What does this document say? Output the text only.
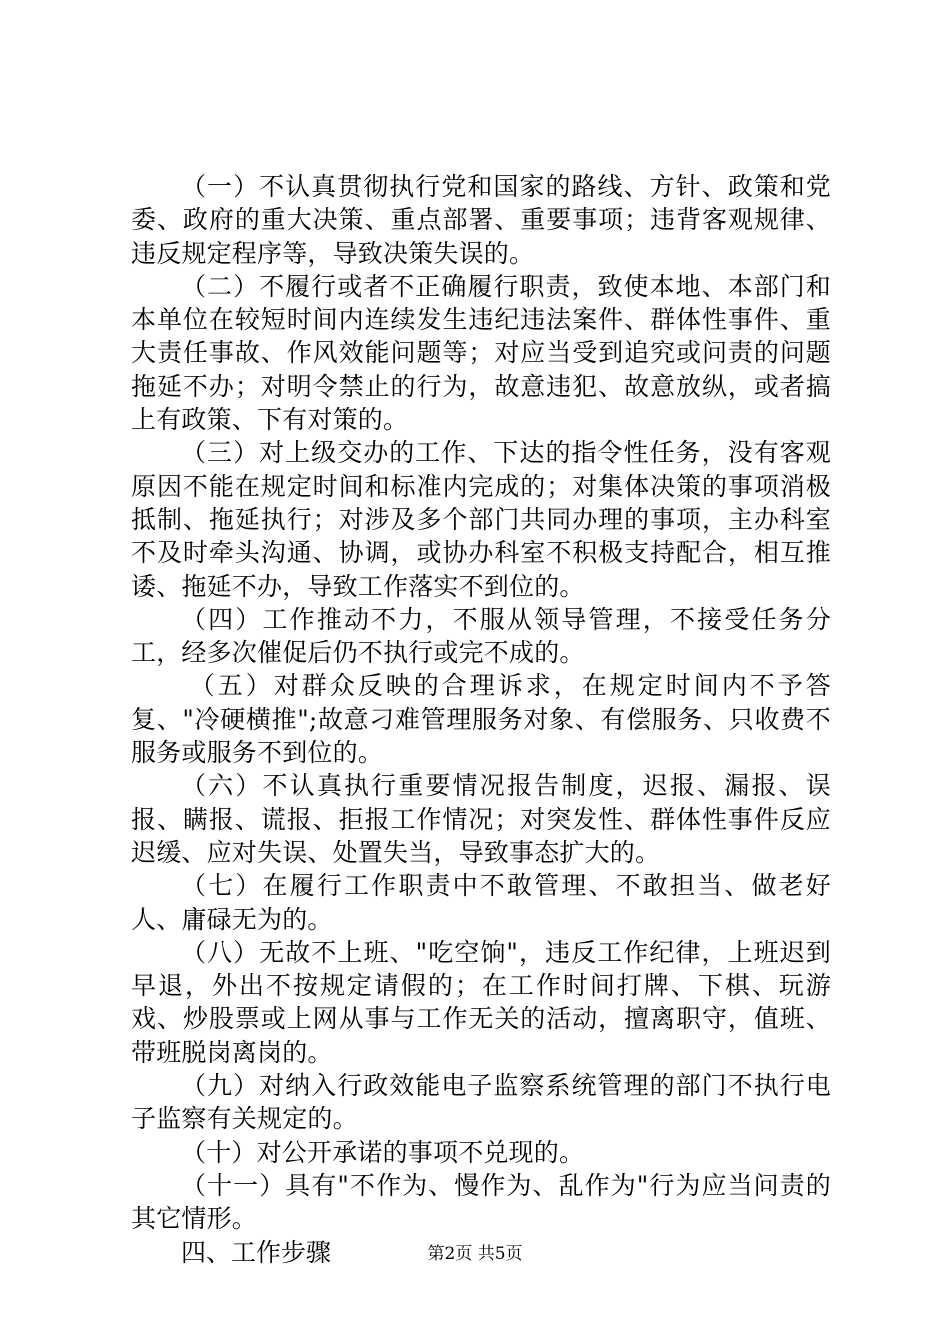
（一）不认真贯彻执行党和国家的路线、方针、政策和党委、政府的重大决策、重点部署、重要事项；违背客观规律、违反规定程序等，导致决策失误的。

（二）不履行或者不正确履行职责，致使本地、本部门和本单位在较短时间内连续发生违纪违法案件、群体性事件、重大责任事故、作风效能问题等；对应当受到追究或问责的问题拖延不办；对明令禁止的行为，故意违犯、故意放纵，或者搞上有政策、下有对策的。

（三）对上级交办的工作、下达的指令性任务，没有客观原因不能在规定时间和标准内完成的；对集体决策的事项消极抵制、拖延执行；对涉及多个部门共同办理的事项，主办科室不及时牵头沟通、协调，或协办科室不积极支持配合，相互推诿、拖延不办，导致工作落实不到位的。

（四）工作推动不力，不服从领导管理，不接受任务分工，经多次催促后仍不执行或完不成的。

（五）对群众反映的合理诉求，在规定时间内不予答复、"冷硬横推";故意刁难管理服务对象、有偿服务、只收费不服务或服务不到位的。

（六）不认真执行重要情况报告制度，迟报、漏报、误报、瞒报、谎报、拒报工作情况；对突发性、群体性事件反应迟缓、应对失误、处置失当，导致事态扩大的。

（七）在履行工作职责中不敢管理、不敢担当、做老好人、庸碌无为的。

（八）无故不上班、"吃空饷"，违反工作纪律，上班迟到早退，外出不按规定请假的；在工作时间打牌、下棋、玩游戏、炒股票或上网从事与工作无关的活动，擅离职守，值班、带班脱岗离岗的。

（九）对纳入行政效能电子监察系统管理的部门不执行电子监察有关规定的。

（十）对公开承诺的事项不兑现的。

（十一）具有"不作为、慢作为、乱作为"行为应当问责的其它情形。

四、工作步骤	第2页 共5页
